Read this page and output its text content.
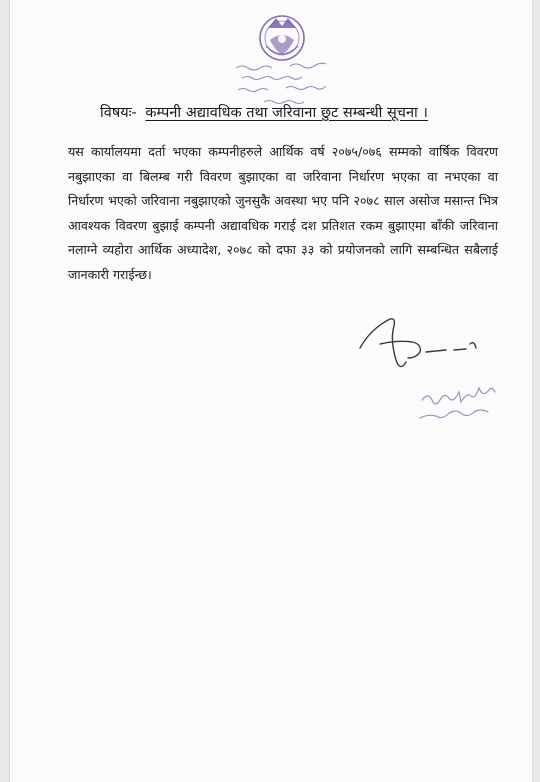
विषयः- कम्पनी अद्यावधिक तथा जरिवाना छुट सम्बन्धी सूचना ।
यस कार्यालयमा दर्ता भएका कम्पनीहरुले आर्थिक वर्ष २०७५/०७६ सम्मको वार्षिक विवरण नबुझाएका वा बिलम्ब गरी विवरण बुझाएका वा जरिवाना निर्धारण भएका वा नभएका वा निर्धारण भएको जरिवाना नबुझाएको जुनसुकै अवस्था भए पनि २०७८ साल असोज मसान्त भित्र आवश्यक विवरण बुझाई कम्पनी अद्यावधिक गराई दश प्रतिशत रकम बुझाएमा बाँकी जरिवाना नलाग्ने व्यहोरा आर्थिक अध्यादेश, २०७८ को दफा ३३ को प्रयोजनको लागि सम्बन्धित सबैलाई जानकारी गराईन्छ।
